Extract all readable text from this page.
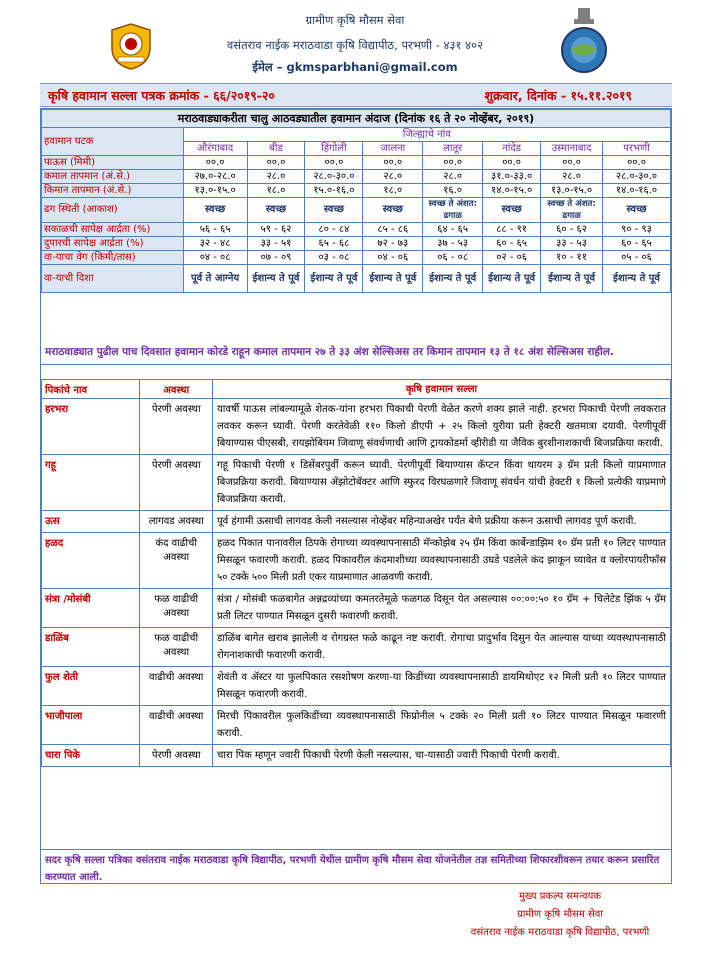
ग्रामीण कृषि मौसम सेवा
वसंतराव नाईक मराठवाडा कृषि विद्यापीठ, परभणी - ४३१ ४०२
ईमेल – gkmsparbhani@gmail.com
कृषि हवामान सल्ला पत्रक क्रमांक - ६६/२०१९-२०	शुक्रवार, दिनांक - १५.११.२०१९
मराठवाड्याकरीता चालु आठवड्यातील हवामान अंदाज (दिनांक १६ ते २० नोव्हेंबर, २०१९)								
हवामान घटक	जिल्ह्याचे नांव							
	औरंगाबाद	बीड	हिंगोली	जालना	लातूर	नांदेड	उस्मानाबाद	परभणी
पाऊस (मिमी)	००.०	००.०	००.०	००.०	००.०	००.०	००.०	००.०
कमाल तापमान (अं.से.)	२७.०-२८.०	२८.०	२८.०-३०.०	२८.०	२८.०	३१.०-३३.०	२८.०	२८.०-३०.०
किमान तापमान (अं.से.)	१३.०-१५.०	१८.०	१५.०-१६.०	१८.०	१६.०	१४.०-१५.०	१३.०-१५.०	१४.०-१६.०
ढग स्थिती (आकाश)	स्वच्छ	स्वच्छ	स्वच्छ	स्वच्छ	स्वच्छ ते अंशत: ढगाळ	स्वच्छ	स्वच्छ ते अंशत: ढगाळ	स्वच्छ
सकाळची सापेक्ष आर्द्रता (%)	५६ - ६५	५९ - ६२	८० - ८४	८५ - ८६	६४ - ६५	८८ - ९१	६० - ६२	९० - ९३
दुपारची सापेक्ष आर्द्रता (%)	३२ - ४८	३३ - ५१	६५ - ६८	७२ - ७३	३७ - ५३	६० - ६५	३३ - ५३	६० - ६५
वा-याचा वेग (किमी/तास)	०४ - ०८	०७ - ०९	०३ - ०८	०४ - ०६	०६ - ०८	०२ - ०६	१० - ११	०५ - ०६
वा-याची दिशा	पूर्व ते आग्नेय	ईशान्य ते पूर्व	ईशान्य ते पूर्व	ईशान्य ते पूर्व	ईशान्य ते पूर्व	ईशान्य ते पूर्व	ईशान्य ते पूर्व	ईशान्य ते पूर्व
मराठवाड्यात पुढील पाच दिवसात हवामान कोरडे राहून कमाल तापमान २७ ते ३३ अंश सेल्सिअस तर किमान तापमान १३ ते १८ अंश सेल्सिअस राहील.
पिकांचे नाव	अवस्था	कृषि हवामान सल्ला
हरभरा	पेरणी अवस्था	यावर्षी पाऊस लांबल्यामूळे शेतक-यांना हरभरा पिकाची पेरणी वेळेत करणे शक्य झाले नाही. हरभरा पिकाची पेरणी लवकरात लवकर करून घ्यावी. पेरणी करतेवेळी ११० किलो डीएपी + २५ किलो युरीया प्रती हेक्टरी खतमात्रा दयावी. पेरणीपूर्वी बियाण्यास पीएसबी, रायझोबियम जिवाणू संवर्धणाची आणि ट्रायकोडर्मा व्हीरीडी या जैविक बुरशीनाशकाची बिजप्रक्रिया करावी.
गहू	पेरणी अवस्था	गहू पिकाची पेरणी १ डिसेंबरपुर्वी करून घ्यावी. पेरणीपूर्वी बियाण्यास कॅप्टन किंवा थायरम ३ ग्रॅम प्रती किलो याप्रमाणात बिजप्रक्रिया करावी. बियाण्यास ॲझोटोबॅक्टर आणि स्फुरद विरघळणारे जिवाणू संवर्धन यांची हेक्टरी १ किलो प्रत्येकी याप्रमाणे बिजप्रक्रिया करावी.
ऊस	लागवड अवस्था	पूर्व हंगामी ऊसाची लागवड केली नसल्यास नोव्हेंबर महिन्याअखेर पर्यंत बेणे प्रक्रीया करून ऊसाची लागवड पूर्ण करावी.
हळद	कंद वाढीची अवस्था	हळद पिकात पानावरील ठिपके रोगाच्या व्यवस्थापनासाठी मॅन्कोझेब २५ ग्रॅम किंवा कार्बेन्डाझिम १० ग्रॅम प्रती १० लिटर पाण्यात मिसळून फवारणी करावी. हळद पिकावरील कंदमाशीच्या व्यवस्थापनासाठी उघडे पडलेले कंद झाकून घ्यावेत व क्लोरपायरीफॉस ५० टक्के ५०० मिली प्रती एकर याप्रमाणात आळवणी करावी.
संत्रा /मोसंबी	फळ वाढीची अवस्था	संत्रा / मोसंबी फळबागेत अन्नद्रव्यांच्या कमतरतेमूळे फळगळ दिसून येत असल्यास ००:००:५० १० ग्रॅम + चिलेटेड झिंक ५ ग्रॅम प्रती लिटर पाण्यात मिसळून दुसरी फवारणी करावी.
डाळिंब	फळ वाढीची अवस्था	डाळिंब बागेत खराब झालेली व रोगग्रस्त फळे काढून नष्ट करावी. रोगाचा प्रादुर्भाव दिसुन येत आल्यास याच्या व्यवस्थापनासाठी रोगनाशकाची फवारणी करावी.
फुल शेती	वाढीची अवस्था	शेवंती व ॲस्टर या फुलपिकात रसशोषण करणा-या किडींच्या व्यवस्थापनासाठी डायमिथोएट १२ मिली प्रती १० लिटर पाण्यात मिसळून फवारणी करावी.
भाजीपाला	वाढीची अवस्था	मिरची पिकावरील फुलकिडींच्या व्यवस्थापनासाठी फिप्रोनील ५ टक्के २० मिली प्रती १० लिटर पाण्यात मिसळून फवारणी करावी.
चारा पिके	पेरणी अवस्था	चारा पिक म्हणून ज्वारी पिकाची पेरणी केली नसल्यास, चा-यासाठी ज्वारी पिकाची पेरणी करावी.
सदर कृषि सल्ला पत्रिका वसंतराव नाईक मराठवाडा कृषि विद्यापीठ, परभणी येथील ग्रामीण कृषि मौसम सेवा योजनेतील तज्ञ समितीच्या शिफारशीवरून तयार करून प्रसारित करण्यात आली.
मुख्य प्रकल्प समन्वयक
ग्रामीण कृषि मौसम सेवा
वसंतराव नाईक मराठवाडा कृषि विद्यापीठ, परभणी
